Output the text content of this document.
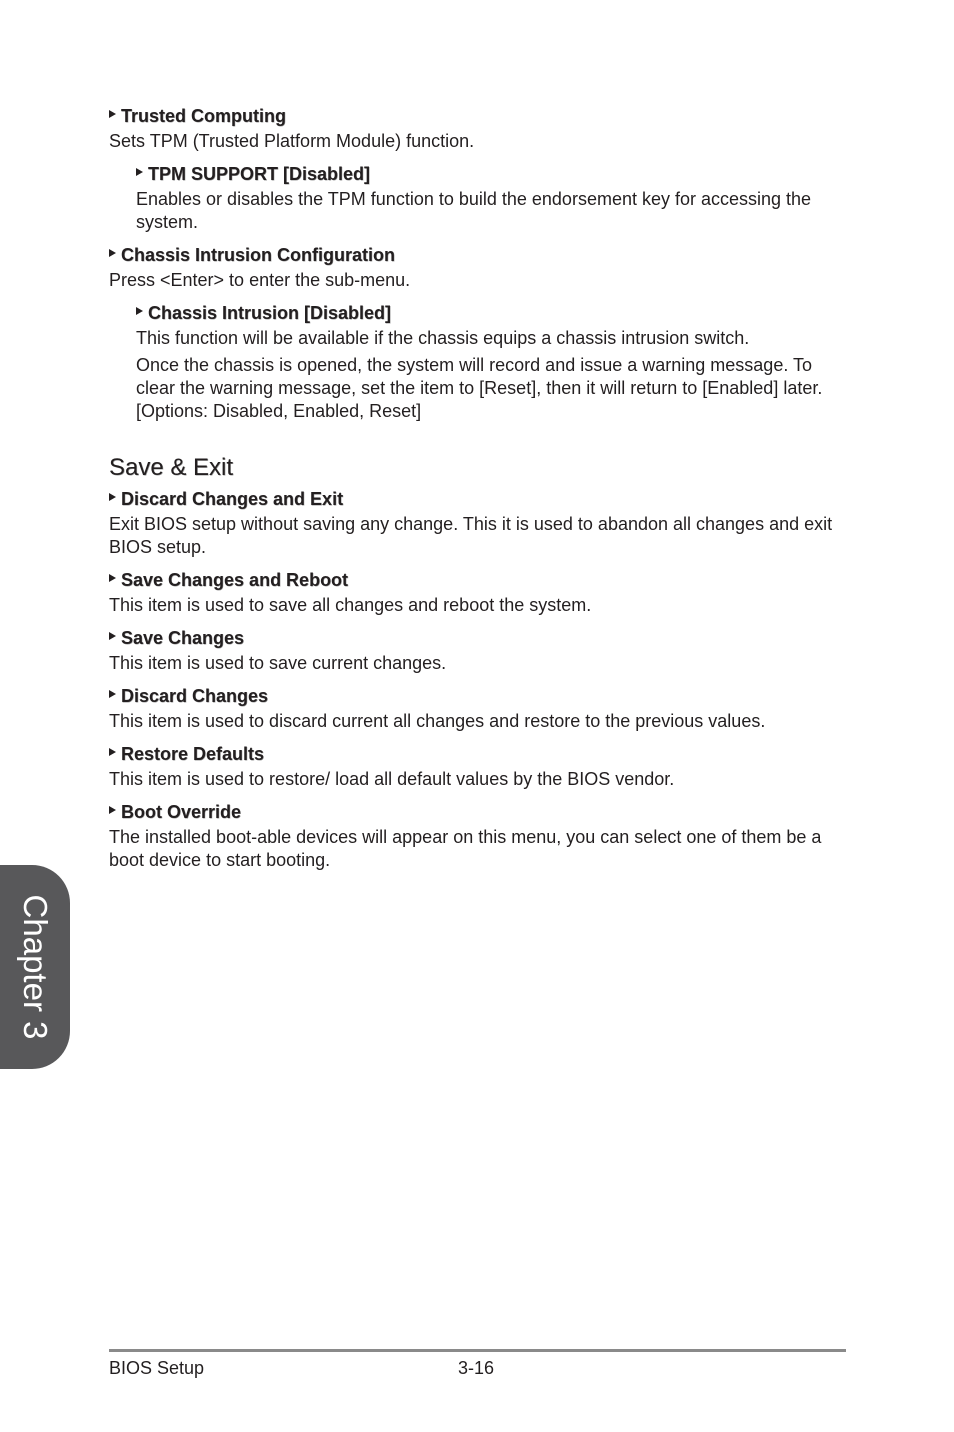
Trusted Computing

Sets TPM (Trusted Platform Module) function.

TPM SUPPORT [Disabled]

Enables or disables the TPM function to build the endorsement key for accessing the system.

Chassis Intrusion Configuration

Press <Enter> to enter the sub-menu.

Chassis Intrusion [Disabled]

This function will be available if the chassis equips a chassis intrusion switch.

Once the chassis is opened, the system will record and issue a warning message. To clear the warning message, set the item to [Reset], then it will return to [Enabled] later. [Options: Disabled, Enabled, Reset]

Save & Exit
Discard Changes and Exit

Exit BIOS setup without saving any change. This it is used to abandon all changes and exit BIOS setup.

Save Changes and Reboot

This item is used to save all changes and reboot the system.

Save Changes

This item is used to save current changes.

Discard Changes

This item is used to discard current all changes and restore to the previous values.

Restore Defaults

This item is used to restore/ load all default values by the BIOS vendor.

Boot Override

The installed boot-able devices will appear on this menu, you can select one of them be a boot device to start booting.

Chapter 3
BIOS Setup	3-16
